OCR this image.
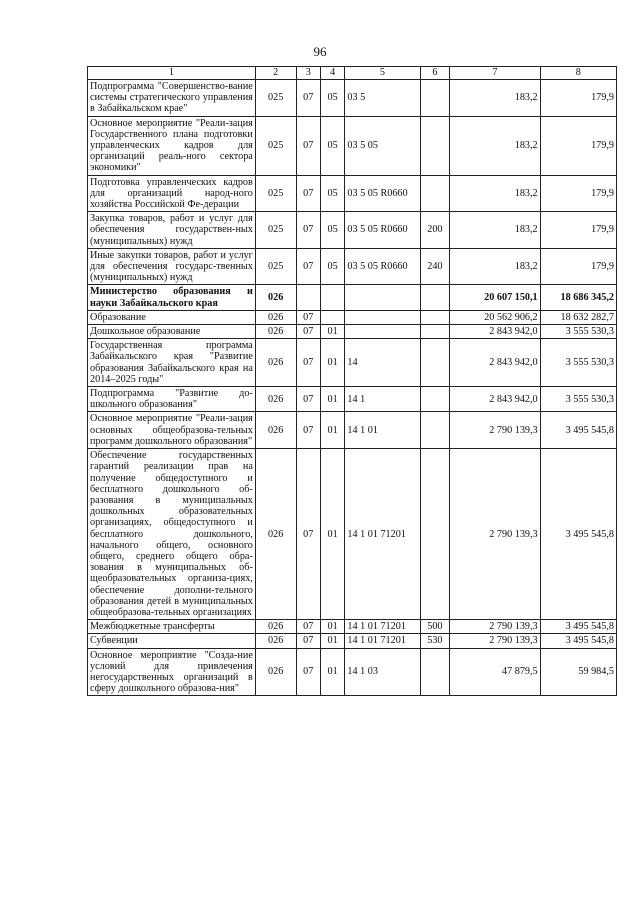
96
1	2	3	4	5	6	7	8
Подпрограмма "Совершенство-вание системы стратегического управления в Забайкальском крае"	025	07	05	03 5		183,2	179,9
Основное мероприятие "Реали-зация Государственного плана подготовки управленческих кадров для организаций реаль-ного сектора экономики"	025	07	05	03 5 05		183,2	179,9
Подготовка управленческих кадров для организаций народ-ного хозяйства Российской Фе-дерации	025	07	05	03 5 05 R0660		183,2	179,9
Закупка товаров, работ и услуг для обеспечения государствен-ных (муниципальных) нужд	025	07	05	03 5 05 R0660	200	183,2	179,9
Иные закупки товаров, работ и услуг для обеспечения государс-твенных (муниципальных) нужд	025	07	05	03 5 05 R0660	240	183,2	179,9
Министерство образования и науки Забайкальского края	026					20 607 150,1	18 686 345,2
Образование	026	07				20 562 906,2	18 632 282,7
Дошкольное образование	026	07	01			2 843 942,0	3 555 530,3
Государственная программа Забайкальского края "Развитие образования Забайкальского края на 2014–2025 годы"	026	07	01	14		2 843 942,0	3 555 530,3
Подпрограмма "Развитие до-школьного образования"	026	07	01	14 1		2 843 942,0	3 555 530,3
Основное мероприятие "Реали-зация основных общеобразова-тельных программ дошкольного образования"	026	07	01	14 1 01		2 790 139,3	3 495 545,8
Обеспечение государственных гарантий реализации прав на получение общедоступного и бесплатного дошкольного об-разования в муниципальных дошкольных образовательных организациях, общедоступного и бесплатного дошкольного, начального общего, основного общего, среднего общего обра-зования в муниципальных об-щеобразовательных организа-циях, обеспечение дополни-тельного образования детей в муниципальных общеобразова-тельных организациях	026	07	01	14 1 01 71201		2 790 139,3	3 495 545,8
Межбюджетные трансферты	026	07	01	14 1 01 71201	500	2 790 139,3	3 495 545,8
Субвенции	026	07	01	14 1 01 71201	530	2 790 139,3	3 495 545,8
Основное мероприятие "Созда-ние условий для привлечения негосударственных организаций в сферу дошкольного образова-ния"	026	07	01	14 1 03		47 879,5	59 984,5
